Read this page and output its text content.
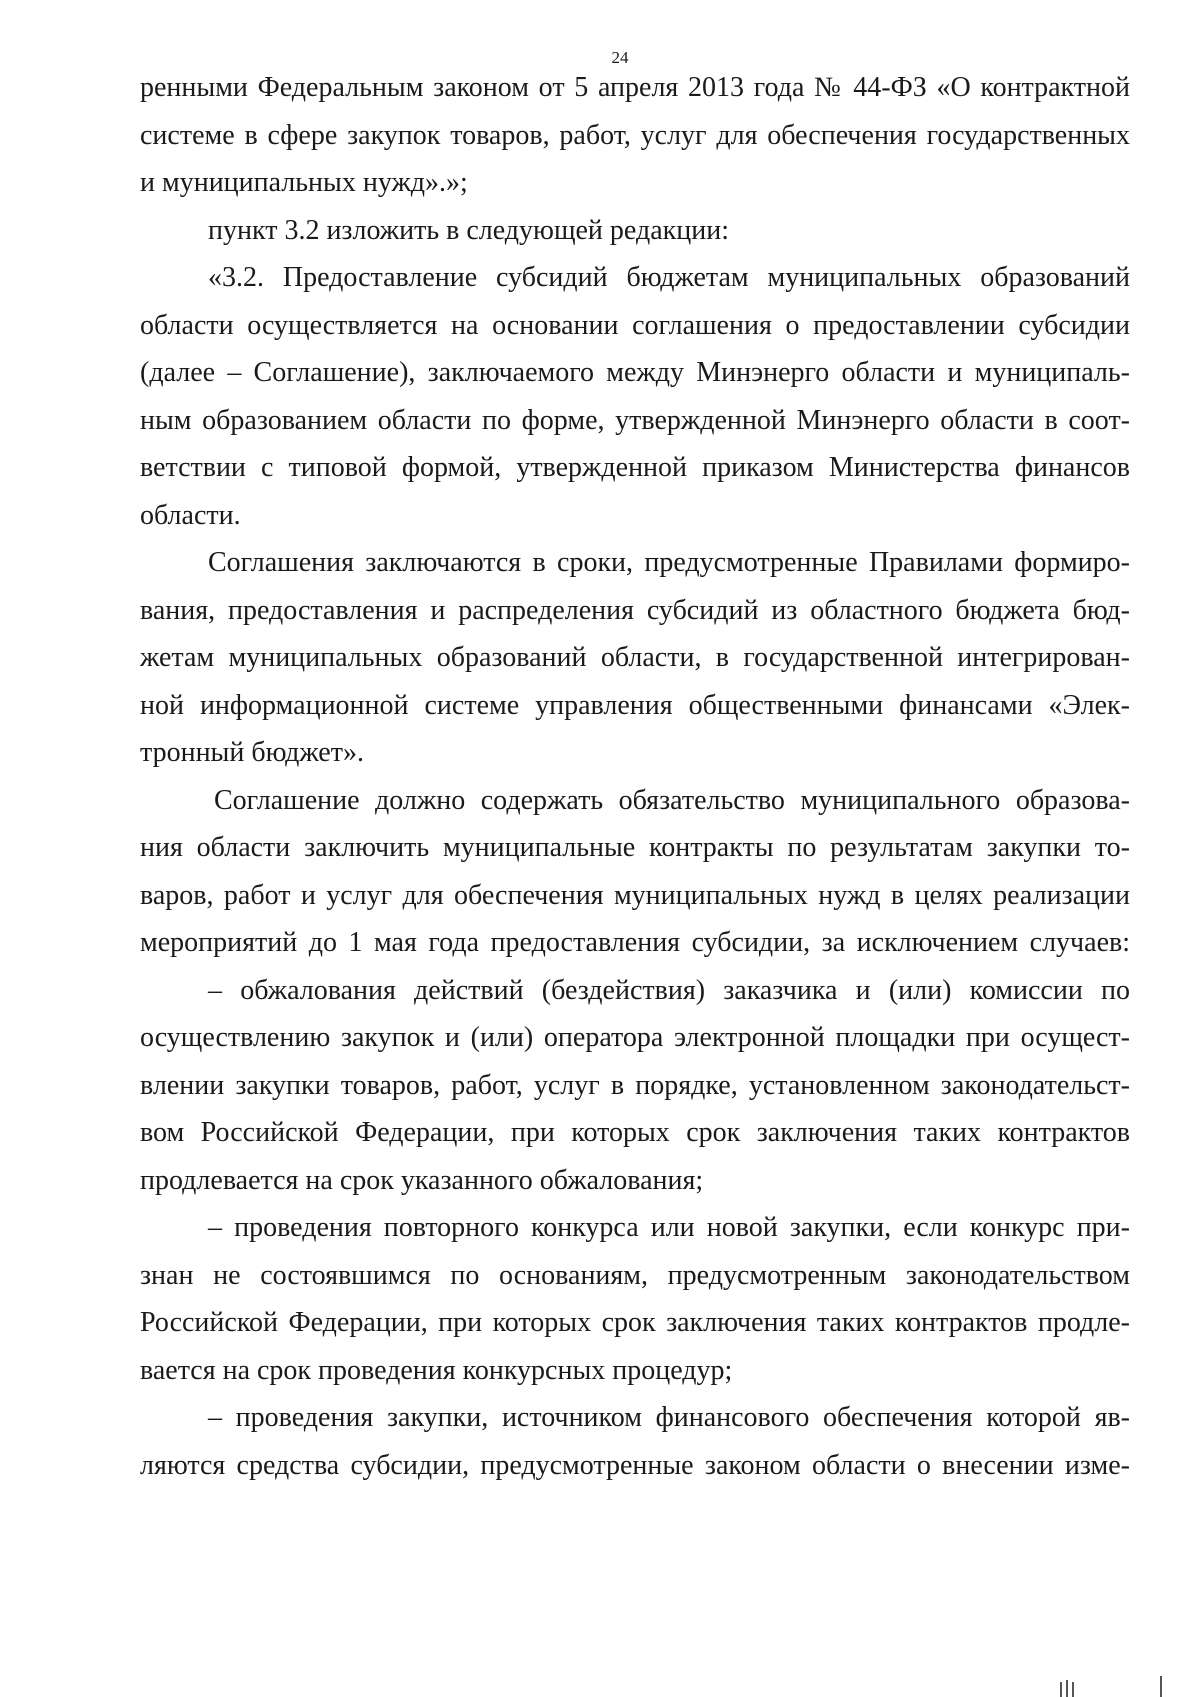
24
ренными Федеральным законом от 5 апреля 2013 года № 44-ФЗ «О контрактной
системе в сфере закупок товаров, работ, услуг для обеспечения государственных
и муниципальных нужд».»;
пункт 3.2 изложить в следующей редакции:
«3.2. Предоставление субсидий бюджетам муниципальных образований
области осуществляется на основании соглашения о предоставлении субсидии
(далее – Соглашение), заключаемого между Минэнерго области и муниципаль-
ным образованием области по форме, утвержденной Минэнерго области в соот-
ветствии с типовой формой, утвержденной приказом Министерства финансов
области.
Соглашения заключаются в сроки, предусмотренные Правилами формиро-
вания, предоставления и распределения субсидий из областного бюджета бюд-
жетам муниципальных образований области, в государственной интегрирован-
ной информационной системе управления общественными финансами «Элек-
тронный бюджет».
Соглашение должно содержать обязательство муниципального образова-
ния области заключить муниципальные контракты по результатам закупки то-
варов, работ и услуг для обеспечения муниципальных нужд в целях реализации
мероприятий до 1 мая года предоставления субсидии, за исключением случаев:
– обжалования действий (бездействия) заказчика и (или) комиссии по
осуществлению закупок и (или) оператора электронной площадки при осущест-
влении закупки товаров, работ, услуг в порядке, установленном законодательст-
вом Российской Федерации, при которых срок заключения таких контрактов
продлевается на срок указанного обжалования;
– проведения повторного конкурса или новой закупки, если конкурс при-
знан не состоявшимся по основаниям, предусмотренным законодательством
Российской Федерации, при которых срок заключения таких контрактов продле-
вается на срок проведения конкурсных процедур;
– проведения закупки, источником финансового обеспечения которой яв-
ляются средства субсидии, предусмотренные законом области о внесении изме-
